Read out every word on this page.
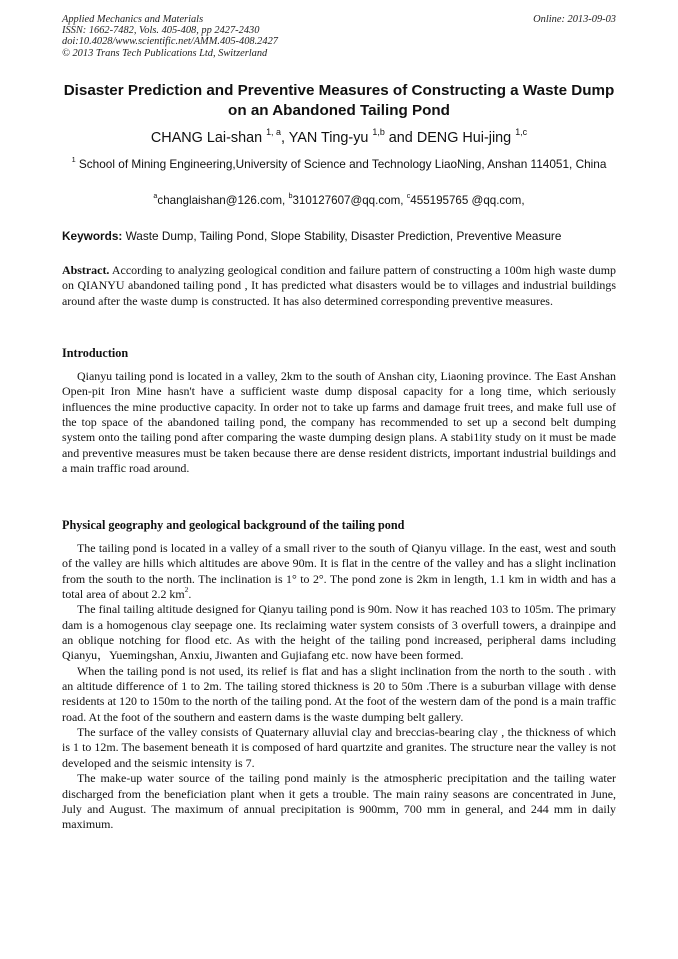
Applied Mechanics and Materials
ISSN: 1662-7482, Vols. 405-408, pp 2427-2430
doi:10.4028/www.scientific.net/AMM.405-408.2427
© 2013 Trans Tech Publications Ltd, Switzerland
Online: 2013-09-03
Disaster Prediction and Preventive Measures of Constructing a Waste Dump on an Abandoned Tailing Pond
CHANG Lai-shan $^{1, a}$, YAN Ting-yu $^{1,b}$ and DENG Hui-jing $^{1,c}$
$^1$ School of Mining Engineering,University of Science and Technology LiaoNing, Anshan 114051, China
$^a$changlaishan@126.com, $^b$310127607@qq.com, $^c$455195765 @qq.com,
Keywords: Waste Dump, Tailing Pond, Slope Stability, Disaster Prediction, Preventive Measure
Abstract. According to analyzing geological condition and failure pattern of constructing a 100m high waste dump on QIANYU abandoned tailing pond , It has predicted what disasters would be to villages and industrial buildings around after the waste dump is constructed. It has also determined corresponding preventive measures.
Introduction

Qianyu tailing pond is located in a valley, 2km to the south of Anshan city, Liaoning province. The East Anshan Open-pit Iron Mine hasn't have a sufficient waste dump disposal capacity for a long time, which seriously influences the mine productive capacity. In order not to take up farms and damage fruit trees, and make full use of the top space of the abandoned tailing pond, the company has recommended to set up a second belt dumping system onto the tailing pond after comparing the waste dumping design plans. A stabi1ity study on it must be made and preventive measures must be taken because there are dense resident districts, important industrial buildings and a main traffic road around.

Physical geography and geological background of the tailing pond

The tailing pond is located in a valley of a small river to the south of Qianyu village. In the east, west and south of the valley are hills which altitudes are above 90m. It is flat in the centre of the valley and has a slight inclination from the south to the north. The inclination is 1° to 2°. The pond zone is 2km in length, 1.1 km in width and has a total area of about 2.2 $km^2$.

The final tailing altitude designed for Qianyu tailing pond is 90m. Now it has reached 103 to 105m. The primary dam is a homogenous clay seepage one. Its reclaiming water system consists of 3 overfull towers, a drainpipe and an oblique notching for flood etc. As with the height of the tailing pond increased, peripheral dams including Qianyu，Yuemingshan, Anxiu, Jiwanten and Gujiafang etc. now have been formed.

When the tailing pond is not used, its relief is flat and has a slight inclination from the north to the south . with an altitude difference of 1 to 2m. The tailing stored thickness is 20 to 50m .There is a suburban village with dense residents at 120 to 150m to the north of the tailing pond. At the foot of the western dam of the pond is a main traffic road. At the foot of the southern and eastern dams is the waste dumping belt gallery.

The surface of the valley consists of Quaternary alluvial clay and breccias-bearing clay , the thickness of which is 1 to 12m. The basement beneath it is composed of hard quartzite and granites. The structure near the valley is not developed and the seismic intensity is 7.

The make-up water source of the tailing pond mainly is the atmospheric precipitation and the tailing water discharged from the beneficiation plant when it gets a trouble. The main rainy seasons are concentrated in June, July and August. The maximum of annual precipitation is 900mm, 700 mm in general, and 244 mm in daily maximum.
